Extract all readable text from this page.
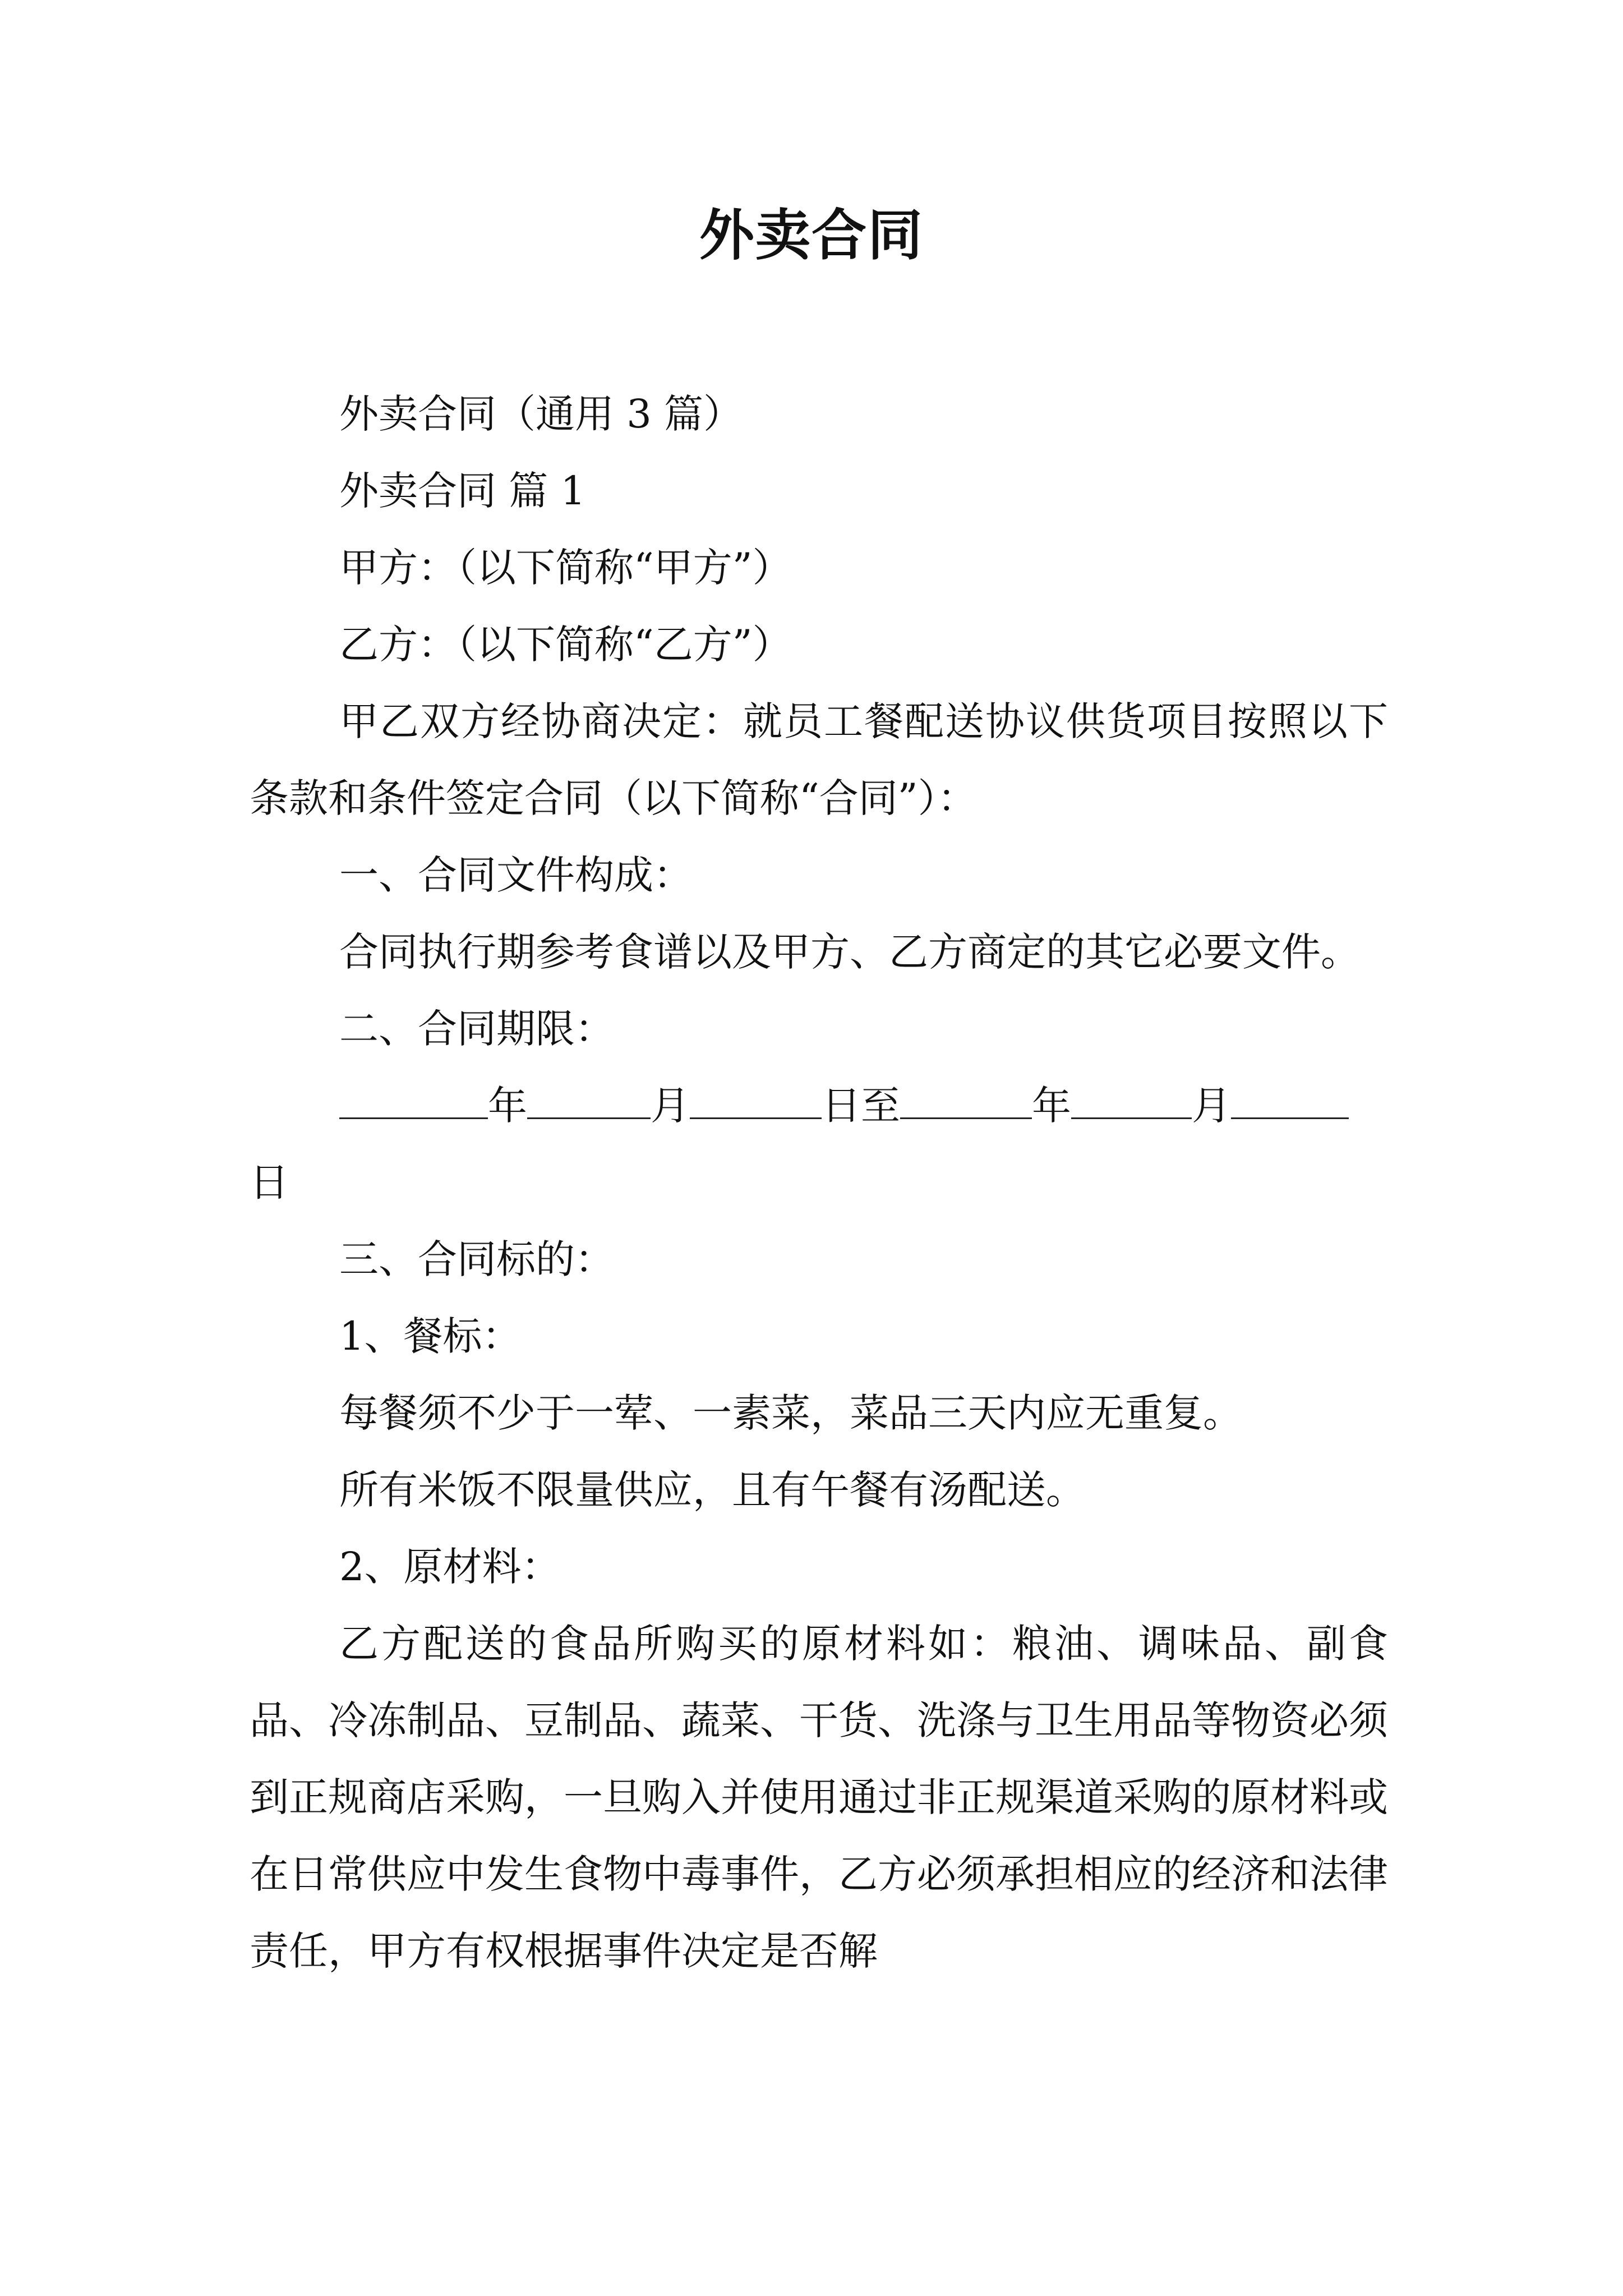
外卖合同

外卖合同（通用 3 篇）

外卖合同 篇 1

甲方：（以下简称“甲方”）

乙方：（以下简称“乙方”）

甲乙双方经协商决定：就员工餐配送协议供货项目按照以下条款和条件签定合同（以下简称“合同”）：

一、合同文件构成：

合同执行期参考食谱以及甲方、乙方商定的其它必要文件。

二、合同期限：

年	月	日至	年	月

日

三、合同标的：

1、餐标：

每餐须不少于一荤、一素菜，菜品三天内应无重复。

所有米饭不限量供应，且有午餐有汤配送。

2、原材料：

乙方配送的食品所购买的原材料如：粮油、调味品、副食品、冷冻制品、豆制品、蔬菜、干货、洗涤与卫生用品等物资必须到正规商店采购，一旦购入并使用通过非正规渠道采购的原材料或在日常供应中发生食物中毒事件，乙方必须承担相应的经济和法律责任，甲方有权根据事件决定是否解
